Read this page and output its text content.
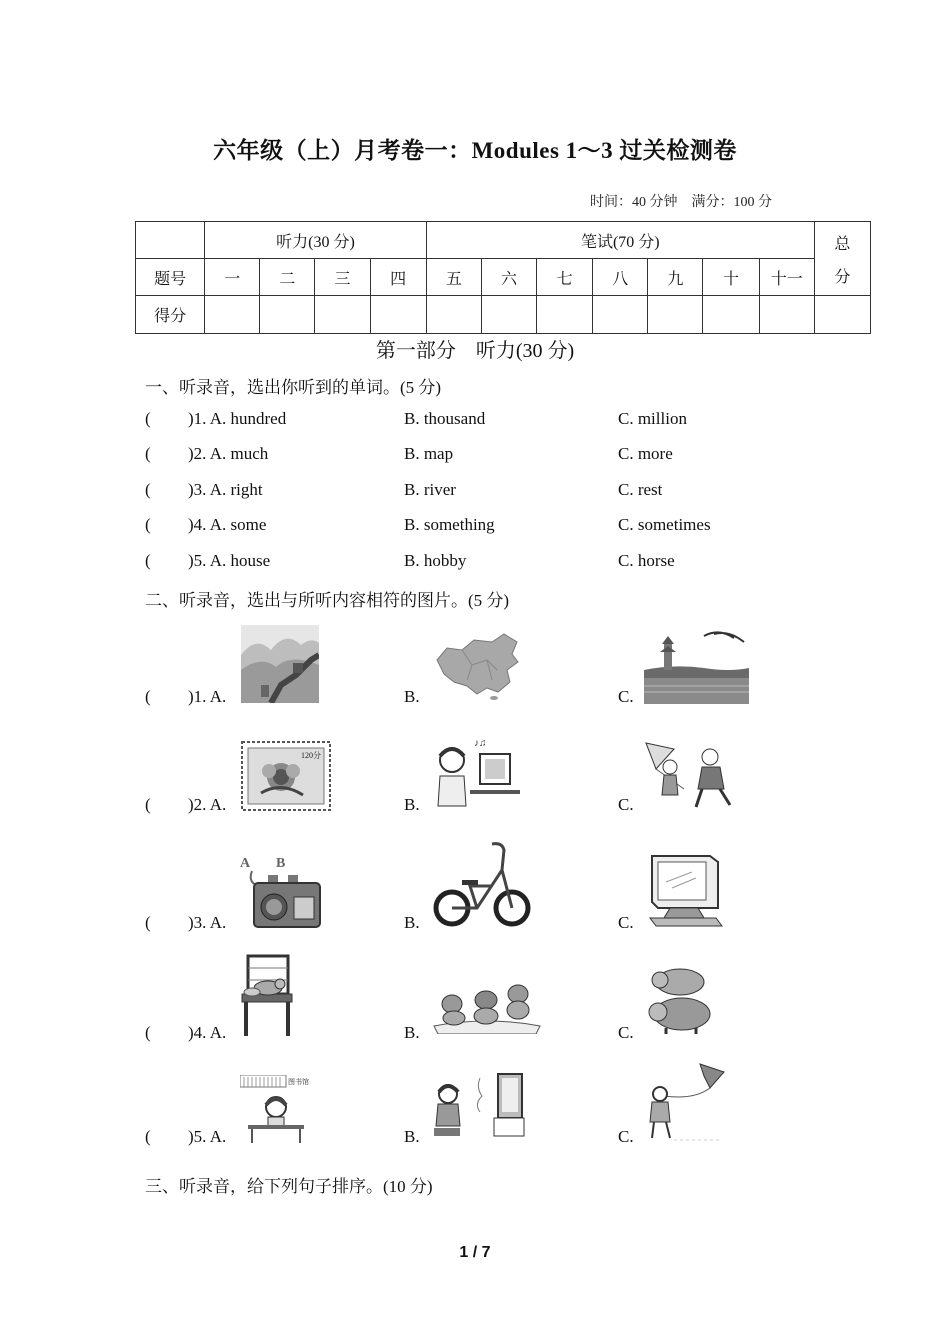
六年级（上）月考卷一：Modules 1～3 过关检测卷
时间：40 分钟 满分：100 分
	听力(30 分)				笔试(70 分)							总
分

题号	一	二	三	四	五	六	七	八	九	十	十一	
得分												
第一部分　听力(30 分)
一、听录音，选出你听到的单词。(5 分)
( )1. A. hundred	B. thousand	C. million
( )2. A. much	B. map	C. more
( )3. A. right	B. river	C. rest
( )4. A. some	B. something	C. sometimes
( )5. A. house	B. hobby	C. horse
二、听录音，选出与所听内容相符的图片。(5 分)
( )1. A.	B.	C.
( )2. A.	B.	C.
120分
♪♫
( )3. A.	B.	C.
A B
( )4. A.	B.	C.
( )5. A.	B.	C.
图书馆
三、听录音，给下列句子排序。(10 分)
1 / 7
